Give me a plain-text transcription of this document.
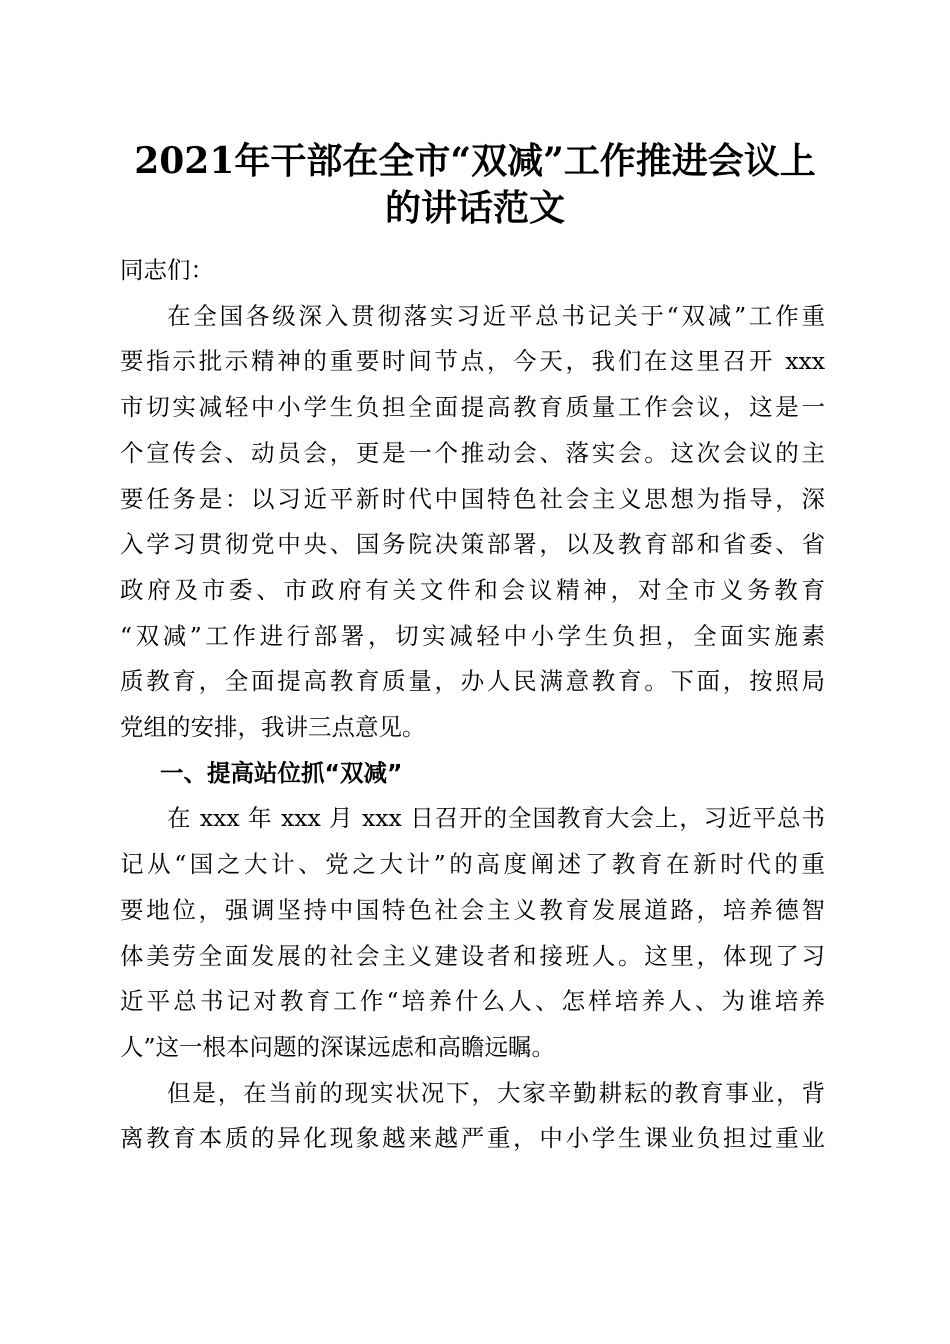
2021年干部在全市“双减”工作推进会议上
的讲话范文

同志们：

在全国各级深入贯彻落实习近平总书记关于“双减”工作重
要指示批示精神的重要时间节点，今天，我们在这里召开 xxx
市切实减轻中小学生负担全面提高教育质量工作会议，这是一
个宣传会、动员会，更是一个推动会、落实会。这次会议的主
要任务是：以习近平新时代中国特色社会主义思想为指导，深
入学习贯彻党中央、国务院决策部署，以及教育部和省委、省
政府及市委、市政府有关文件和会议精神，对全市义务教育
“双减”工作进行部署，切实减轻中小学生负担，全面实施素
质教育，全面提高教育质量，办人民满意教育。下面，按照局
党组的安排，我讲三点意见。

一、提高站位抓“双减”

在 xxx 年 xxx 月 xxx 日召开的全国教育大会上，习近平总书
记从“国之大计、党之大计”的高度阐述了教育在新时代的重
要地位，强调坚持中国特色社会主义教育发展道路，培养德智
体美劳全面发展的社会主义建设者和接班人。这里，体现了习
近平总书记对教育工作“培养什么人、怎样培养人、为谁培养
人”这一根本问题的深谋远虑和高瞻远瞩。
但是，在当前的现实状况下，大家辛勤耕耘的教育事业，背
离教育本质的异化现象越来越严重，中小学生课业负担过重业
